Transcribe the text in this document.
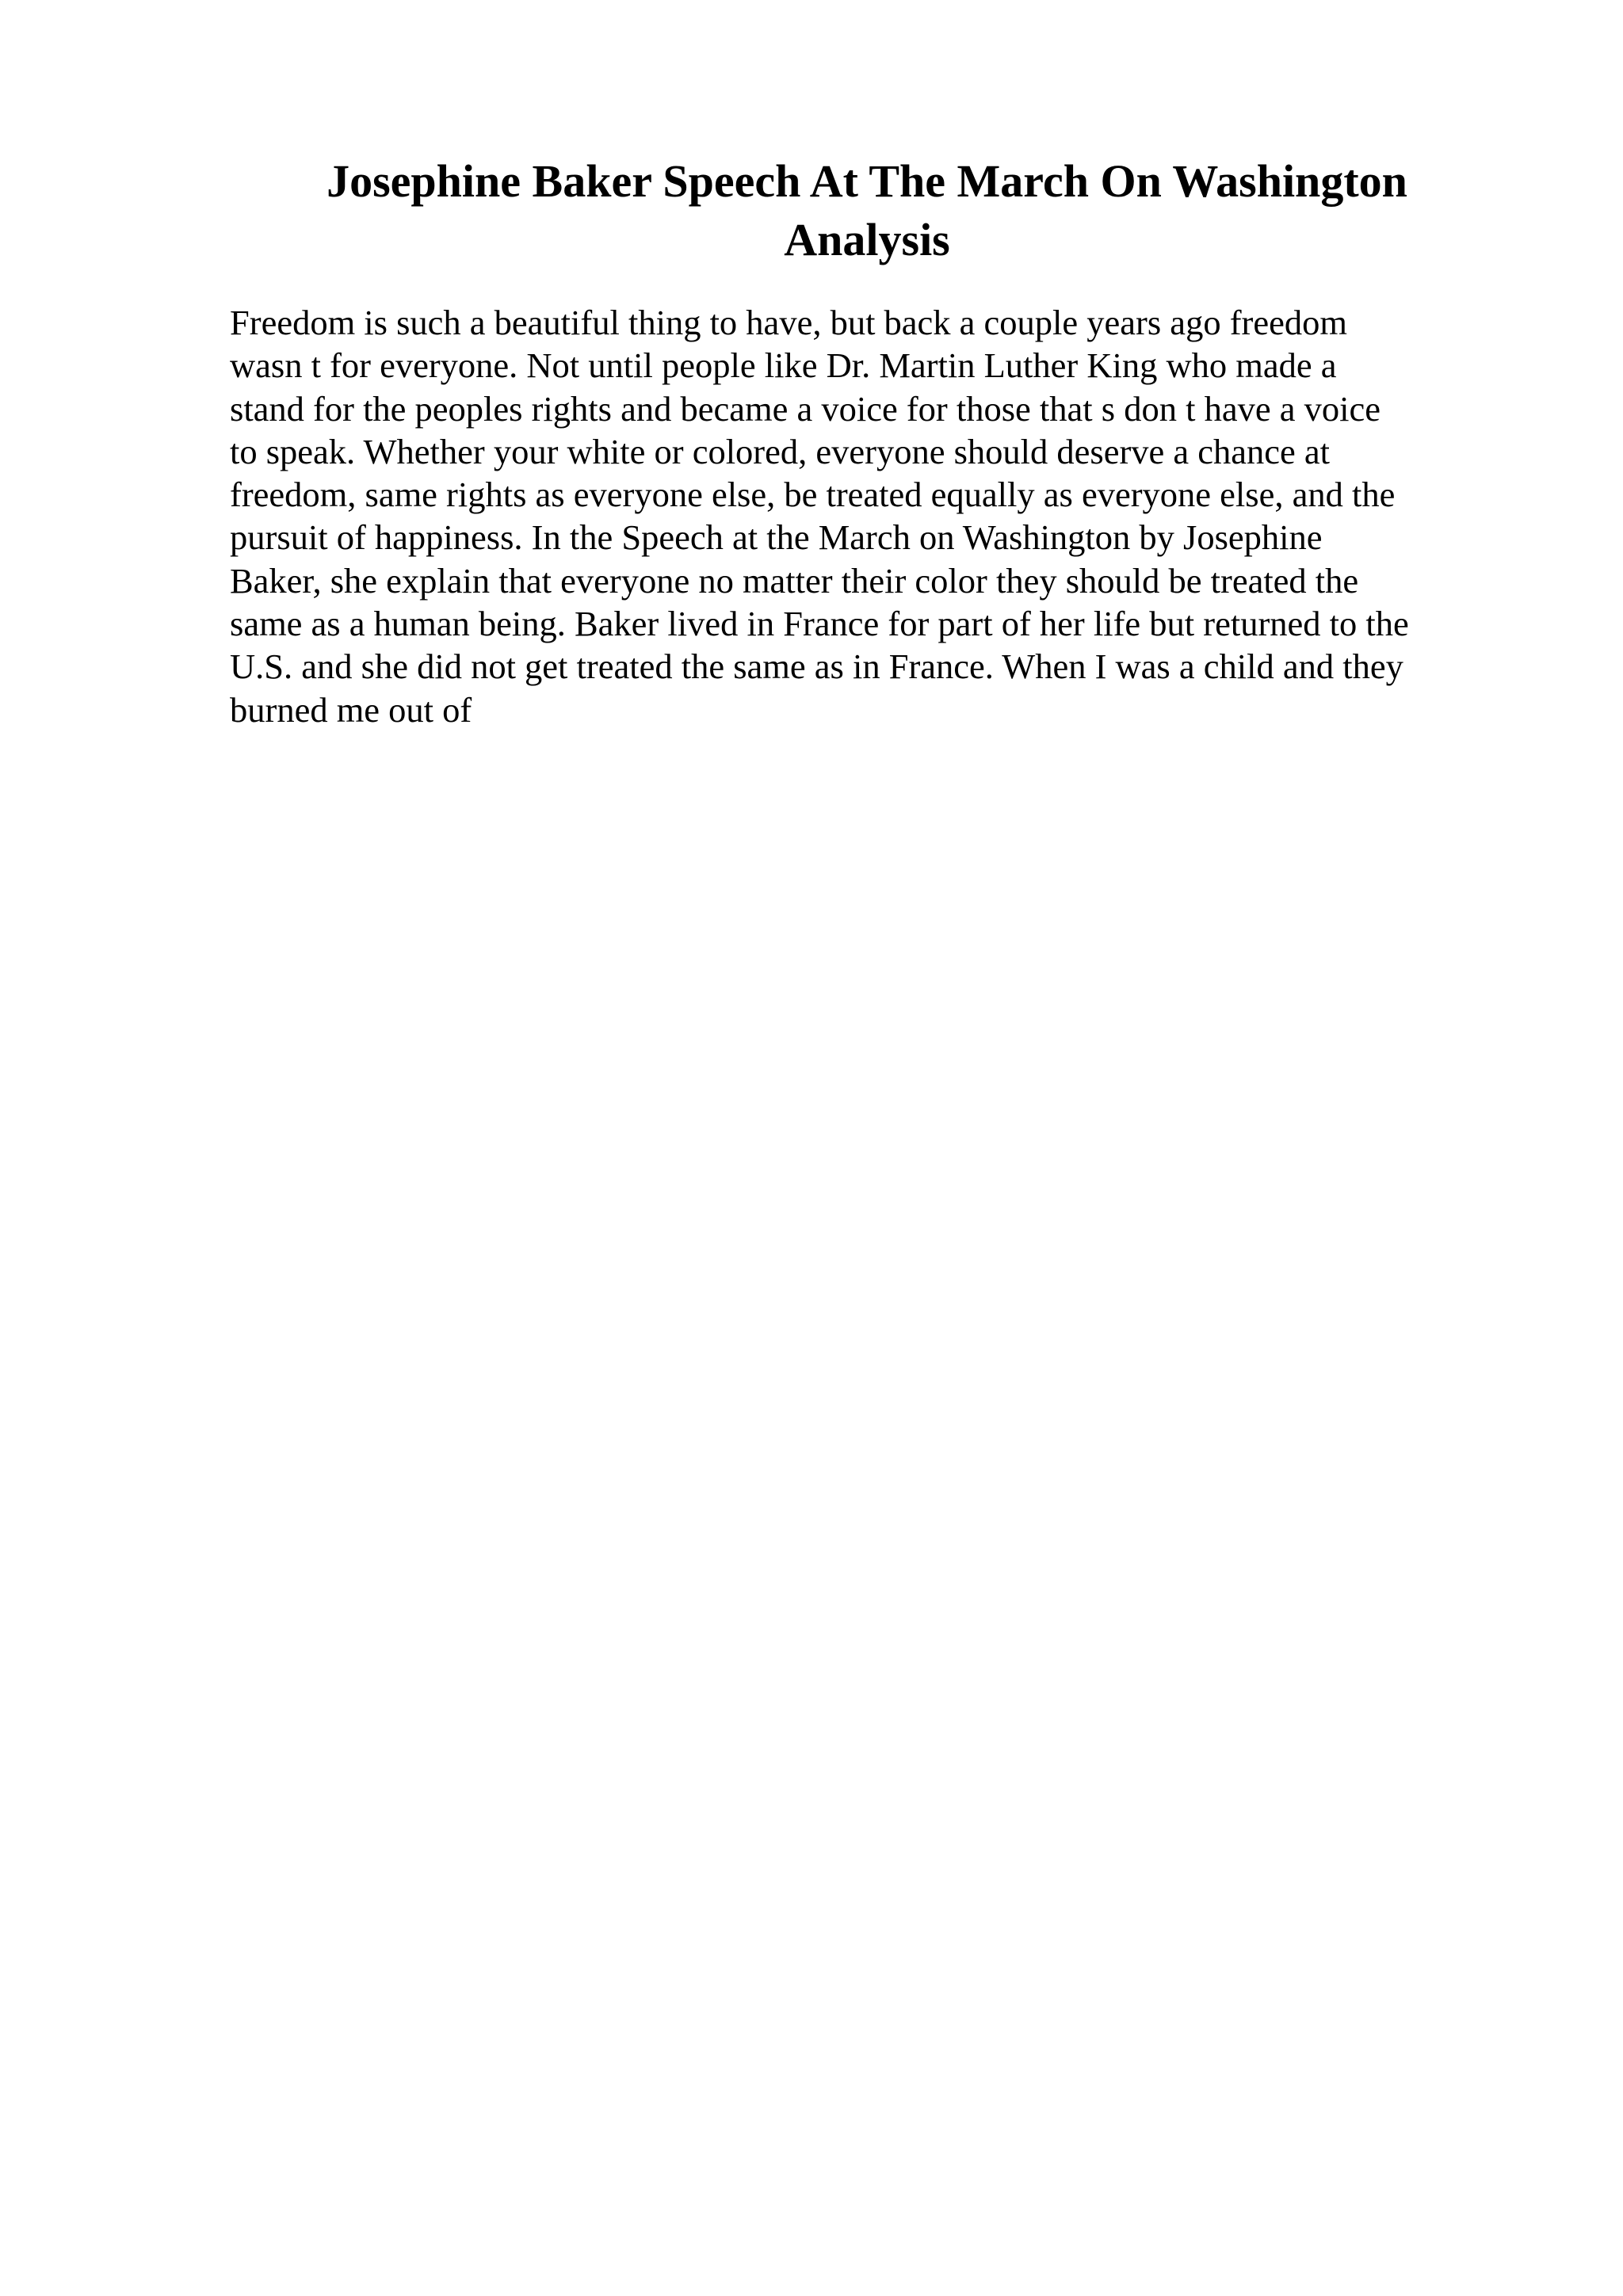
Josephine Baker Speech At The March On Washington
Analysis

Freedom is such a beautiful thing to have, but back a couple years ago freedom
wasn t for everyone. Not until people like Dr. Martin Luther King who made a
stand for the peoples rights and became a voice for those that s don t have a voice
to speak. Whether your white or colored, everyone should deserve a chance at
freedom, same rights as everyone else, be treated equally as everyone else, and the
pursuit of happiness. In the Speech at the March on Washington by Josephine
Baker, she explain that everyone no matter their color they should be treated the
same as a human being. Baker lived in France for part of her life but returned to the
U.S. and she did not get treated the same as in France. When I was a child and they
burned me out of
